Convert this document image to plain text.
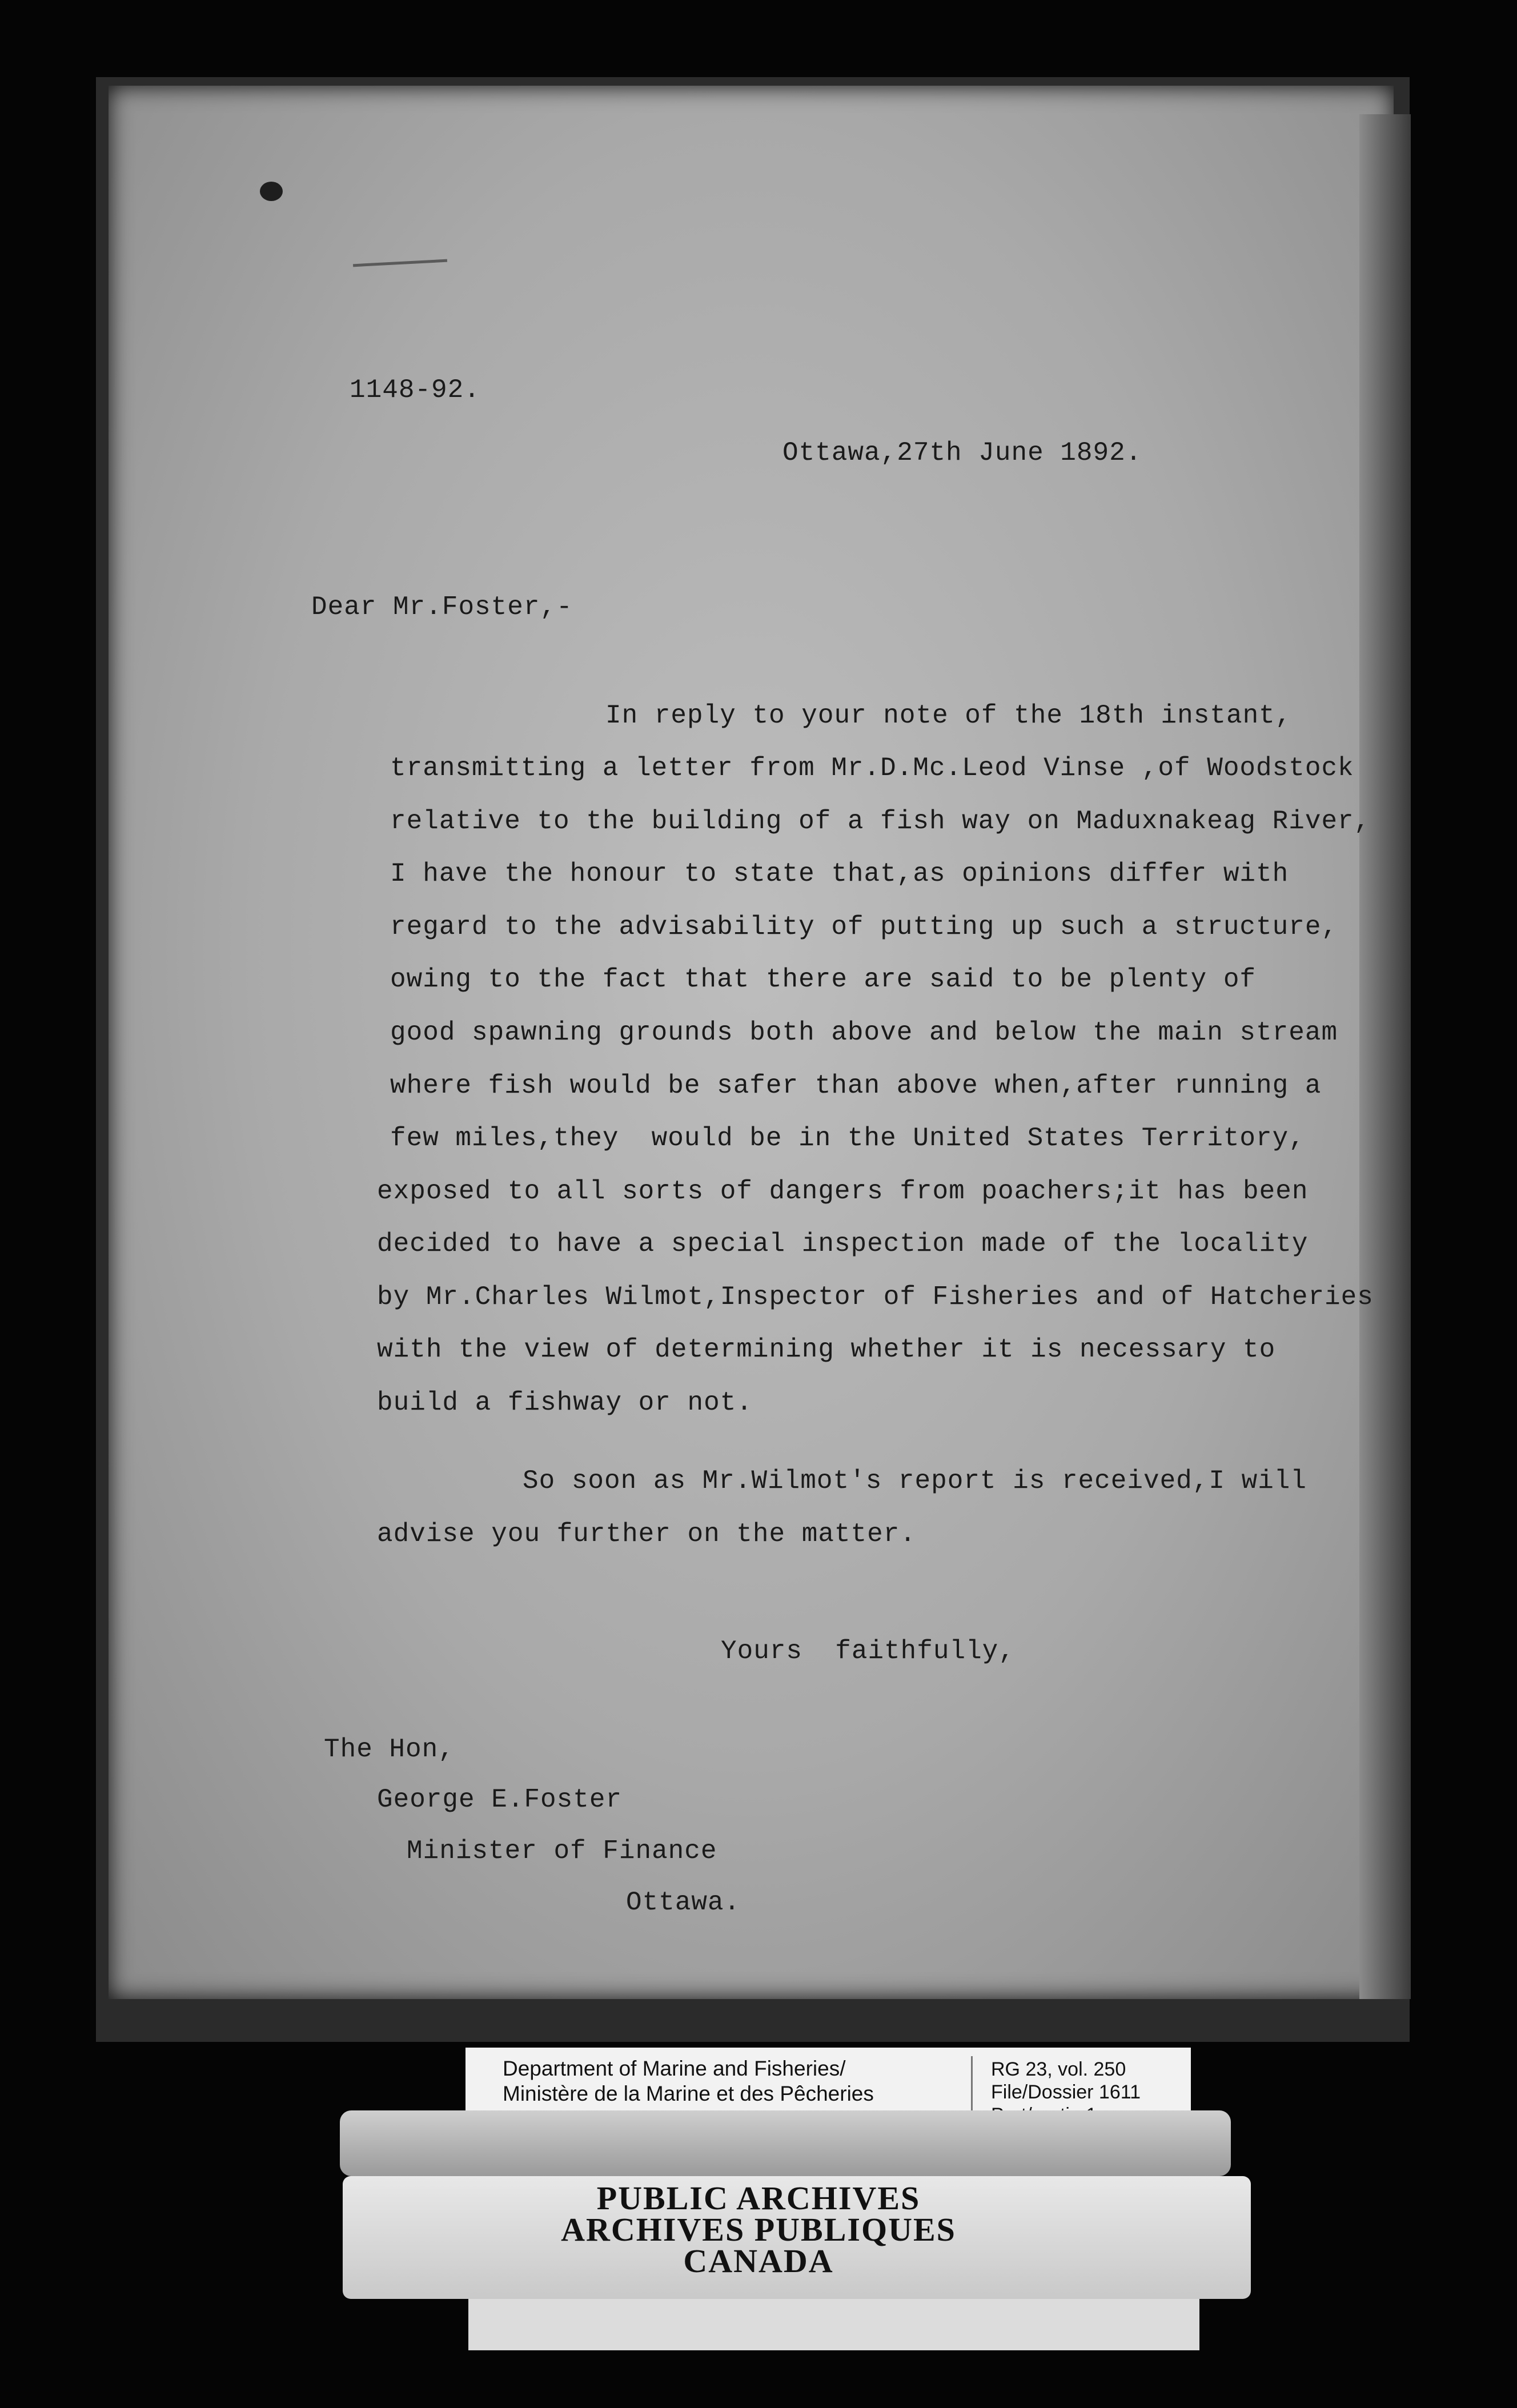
1148-92.
Ottawa,27th June 1892.
Dear Mr.Foster,-
In reply to your note of the 18th instant,
transmitting a letter from Mr.D.Mc.Leod Vinse ,of Woodstock
relative to the building of a fish way on Maduxnakeag River,
I have the honour to state that,as opinions differ with
regard to the advisability of putting up such a structure,
owing to the fact that there are said to be plenty of
good spawning grounds both above and below the main stream
where fish would be safer than above when,after running a
few miles,they  would be in the United States Territory,
exposed to all sorts of dangers from poachers;it has been
decided to have a special inspection made of the locality
by Mr.Charles Wilmot,Inspector of Fisheries and of Hatcheries
with the view of determining whether it is necessary to
build a fishway or not.
So soon as Mr.Wilmot's report is received,I will
advise you further on the matter.
Yours  faithfully,
The Hon,
George E.Foster
Minister of Finance
Ottawa.
Department of Marine and Fisheries/
Ministère de la Marine et des Pêcheries
RG 23, vol. 250
File/Dossier 1611
PUBLIC ARCHIVES
ARCHIVES PUBLIQUES
CANADA
